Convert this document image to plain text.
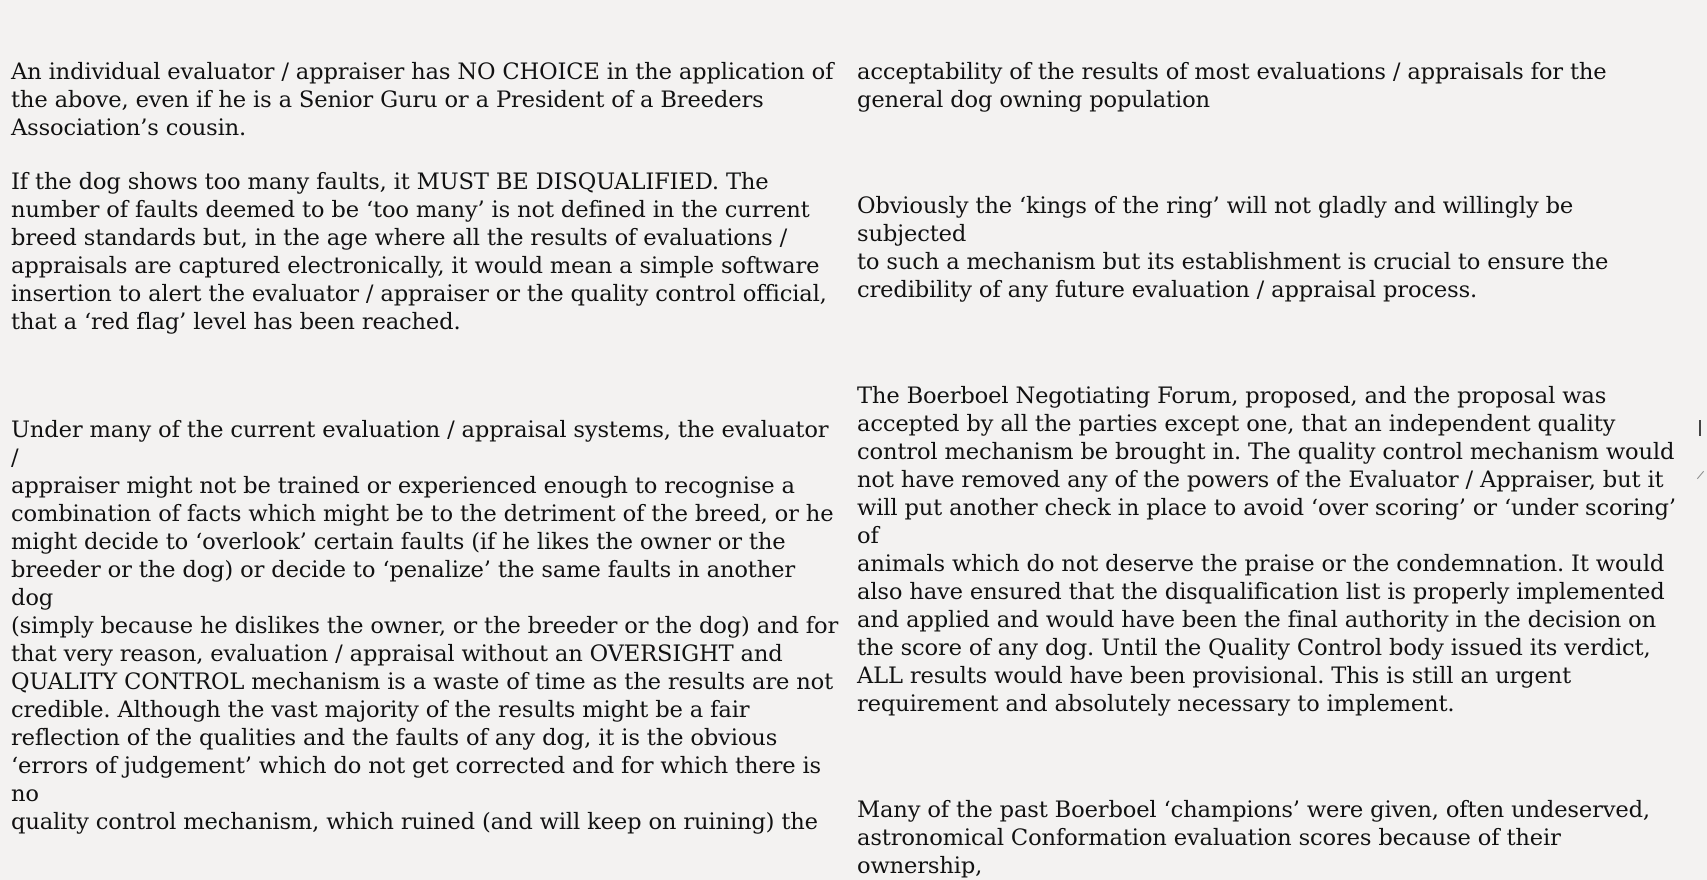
An individual evaluator / appraiser has NO CHOICE in the application of
the above, even if he is a Senior Guru or a President of a Breeders
Association’s cousin.

If the dog shows too many faults, it MUST BE DISQUALIFIED. The
number of faults deemed to be ‘too many’ is not defined in the current
breed standards but, in the age where all the results of evaluations /
appraisals are captured electronically, it would mean a simple software
insertion to alert the evaluator / appraiser or the quality control official,
that a ‘red flag’ level has been reached.

Under many of the current evaluation / appraisal systems, the evaluator /
appraiser might not be trained or experienced enough to recognise a
combination of facts which might be to the detriment of the breed, or he
might decide to ‘overlook’ certain faults (if he likes the owner or the
breeder or the dog) or decide to ‘penalize’ the same faults in another dog
(simply because he dislikes the owner, or the breeder or the dog) and for
that very reason, evaluation / appraisal without an OVERSIGHT and
QUALITY CONTROL mechanism is a waste of time as the results are not
credible. Although the vast majority of the results might be a fair
reflection of the qualities and the faults of any dog, it is the obvious
‘errors of judgement’ which do not get corrected and for which there is no
quality control mechanism, which ruined (and will keep on ruining) the

acceptability of the results of most evaluations / appraisals for the
general dog owning population

Obviously the ‘kings of the ring’ will not gladly and willingly be subjected
to such a mechanism but its establishment is crucial to ensure the
credibility of any future evaluation / appraisal process.

The Boerboel Negotiating Forum, proposed, and the proposal was
accepted by all the parties except one, that an independent quality
control mechanism be brought in. The quality control mechanism would
not have removed any of the powers of the Evaluator / Appraiser, but it
will put another check in place to avoid ‘over scoring’ or ‘under scoring’ of
animals which do not deserve the praise or the condemnation. It would
also have ensured that the disqualification list is properly implemented
and applied and would have been the final authority in the decision on
the score of any dog. Until the Quality Control body issued its verdict,
ALL results would have been provisional. This is still an urgent
requirement and absolutely necessary to implement.

Many of the past Boerboel ‘champions’ were given, often undeserved,
astronomical Conformation evaluation scores because of their ownership,
